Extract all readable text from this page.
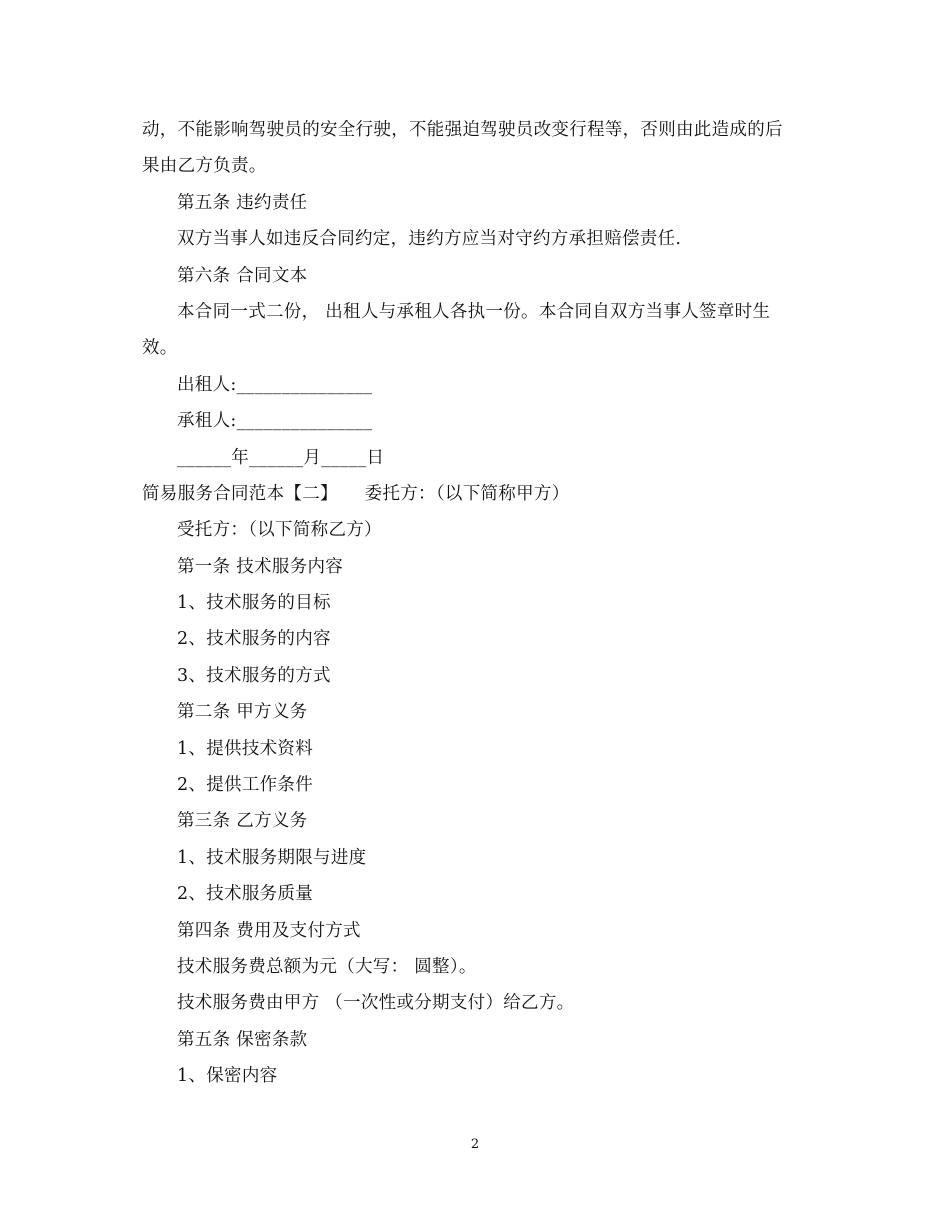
动，不能影响驾驶员的安全行驶，不能强迫驾驶员改变行程等，否则由此造成的后
果由乙方负责。
第五条 违约责任
双方当事人如违反合同约定，违约方应当对守约方承担赔偿责任.
第六条 合同文本
本合同一式二份， 出租人与承租人各执一份。本合同自双方当事人签章时生
效。
出租人:_______________
承租人:_______________
______年______月_____日
简易服务合同范本【二】　　委托方：（以下简称甲方）
受托方：（以下简称乙方）
第一条 技术服务内容
1、技术服务的目标
2、技术服务的内容
3、技术服务的方式
第二条 甲方义务
1、提供技术资料
2、提供工作条件
第三条 乙方义务
1、技术服务期限与进度
2、技术服务质量
第四条 费用及支付方式
技术服务费总额为元（大写： 圆整）。
技术服务费由甲方 （一次性或分期支付）给乙方。
第五条 保密条款
1、保密内容
2
